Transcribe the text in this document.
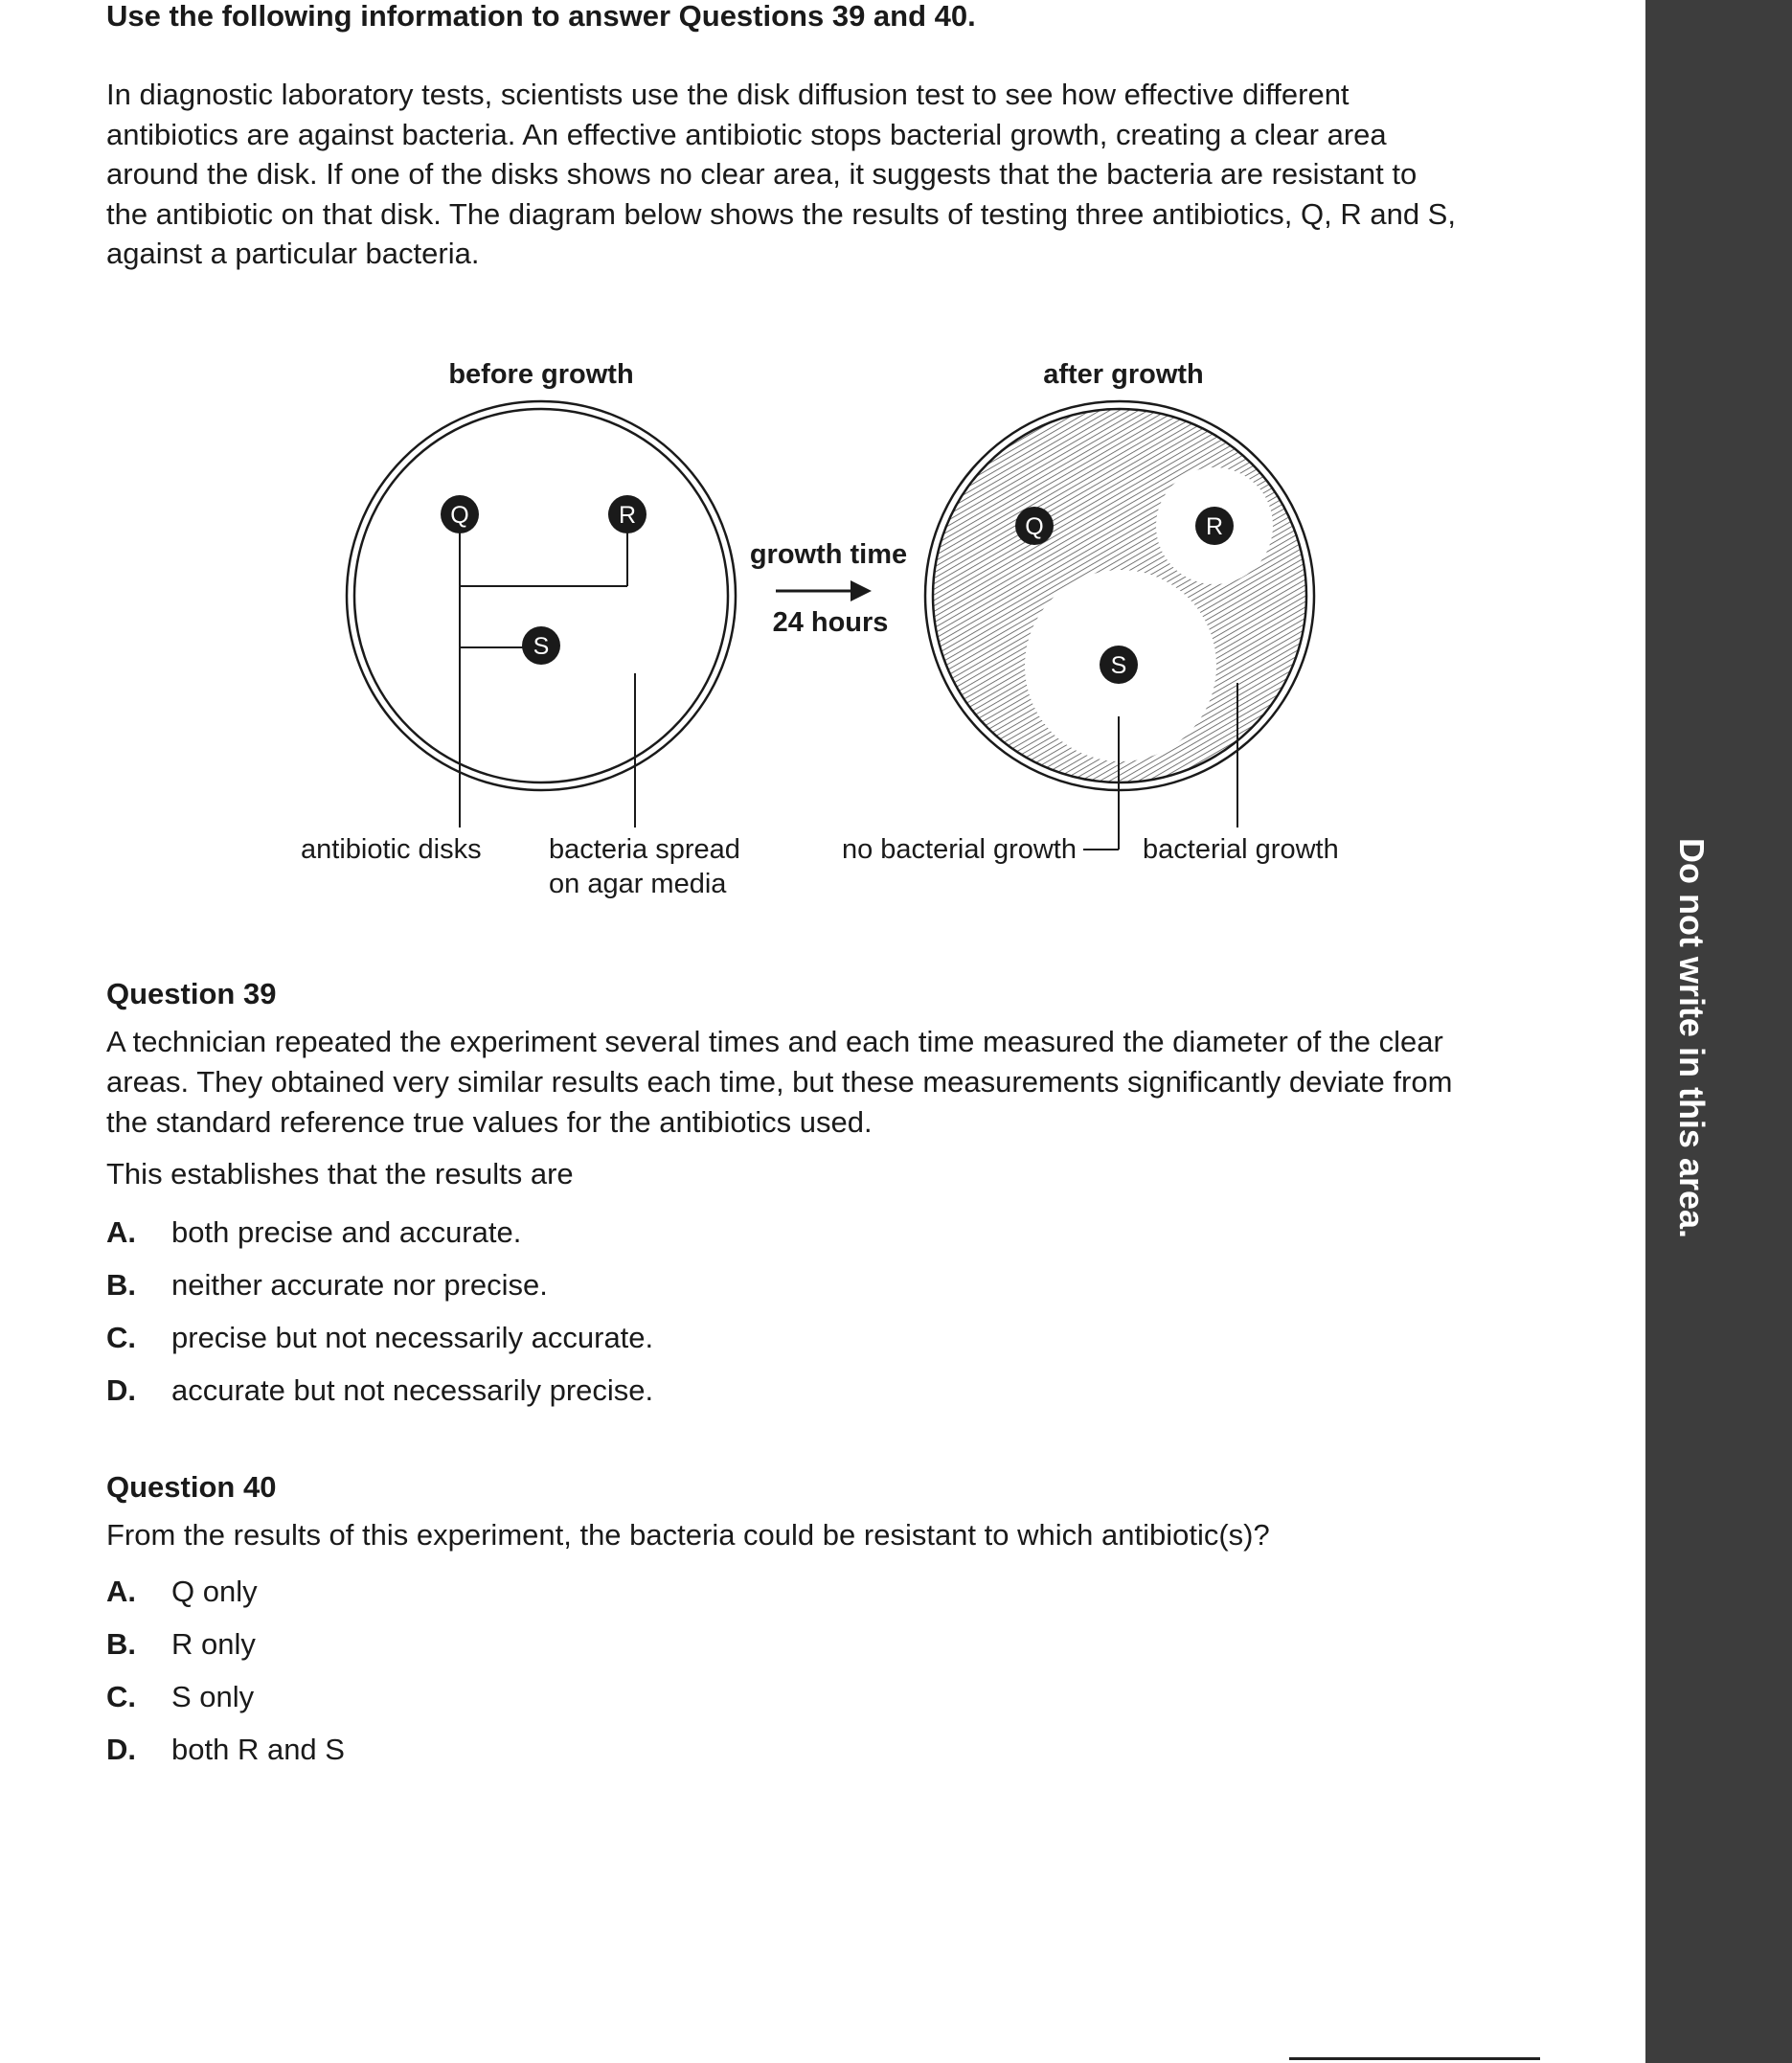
Use the following information to answer Questions 39 and 40.
In diagnostic laboratory tests, scientists use the disk diffusion test to see how effective different
antibiotics are against bacteria. An effective antibiotic stops bacterial growth, creating a clear area
around the disk. If one of the disks shows no clear area, it suggests that the bacteria are resistant to
the antibiotic on that disk. The diagram below shows the results of testing three antibiotics, Q, R and S,
against a particular bacteria.
before growth	after growth
Q	R
S
growth time
24 hours
Q	R
S
antibiotic disks bacteria spread
on agar media
no bacterial growth bacterial growth
Question 39
A technician repeated the experiment several times and each time measured the diameter of the clear
areas. They obtained very similar results each time, but these measurements significantly deviate from
the standard reference true values for the antibiotics used.
This establishes that the results are
A. both precise and accurate.
B. neither accurate nor precise.
C. precise but not necessarily accurate.
D. accurate but not necessarily precise.
Question 40
From the results of this experiment, the bacteria could be resistant to which antibiotic(s)?
A. Q only
B. R only
C. S only
D. both R and S
Do not write in this area.
